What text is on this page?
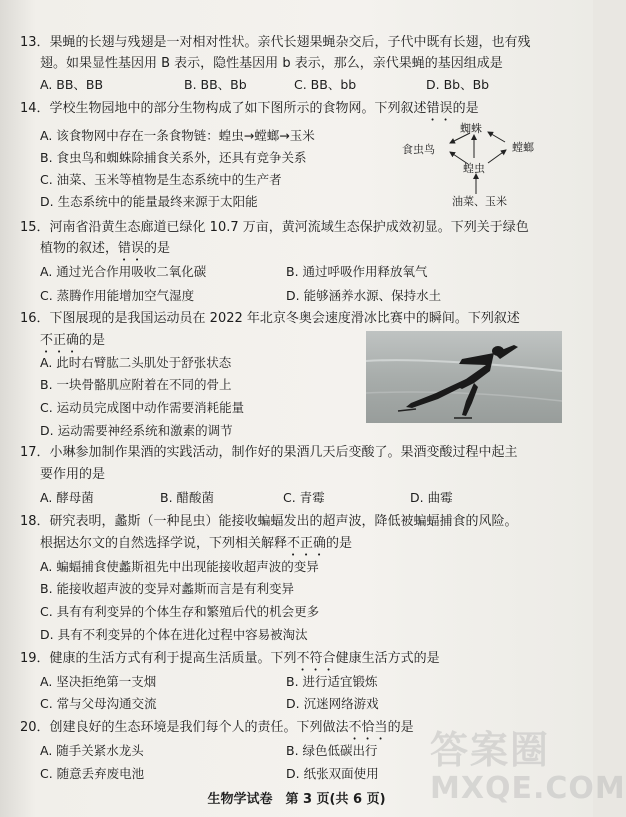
13．果蝇的长翅与残翅是一对相对性状。亲代长翅果蝇杂交后，子代中既有长翅，也有残
翅。如果显性基因用 B 表示，隐性基因用 b 表示，那么，亲代果蝇的基因组成是
A. BB、BB	B. BB、Bb	C. BB、bb	D. Bb、Bb
14．学校生物园地中的部分生物构成了如下图所示的食物网。下列叙述错误的是
A. 该食物网中存在一条食物链：蝗虫→螳螂→玉米
B. 食虫鸟和蜘蛛除捕食关系外，还具有竞争关系
C. 油菜、玉米等植物是生态系统中的生产者
D. 生态系统中的能量最终来源于太阳能
蜘蛛
食虫鸟	螳螂
蝗虫
油菜、玉米
15．河南省沿黄生态廊道已绿化 10.7 万亩，黄河流域生态保护成效初显。下列关于绿色
植物的叙述，错误的是
A. 通过光合作用吸收二氧化碳	B. 通过呼吸作用释放氧气
C. 蒸腾作用能增加空气湿度	D. 能够涵养水源、保持水土
16．下图展现的是我国运动员在 2022 年北京冬奥会速度滑冰比赛中的瞬间。下列叙述
不正确的是
A. 此时右臂肱二头肌处于舒张状态
B. 一块骨骼肌应附着在不同的骨上
C. 运动员完成图中动作需要消耗能量
D. 运动需要神经系统和激素的调节
17．小琳参加制作果酒的实践活动，制作好的果酒几天后变酸了。果酒变酸过程中起主
要作用的是
A. 酵母菌	B. 醋酸菌	C. 青霉	D. 曲霉
18．研究表明，蠡斯（一种昆虫）能接收蝙蝠发出的超声波，降低被蝙蝠捕食的风险。
根据达尔文的自然选择学说，下列相关解释不正确的是
A. 蝙蝠捕食使蠡斯祖先中出现能接收超声波的变异
B. 能接收超声波的变异对蠡斯而言是有利变异
C. 具有有利变异的个体生存和繁殖后代的机会更多
D. 具有不利变异的个体在进化过程中容易被淘汰
19．健康的生活方式有利于提高生活质量。下列不符合健康生活方式的是
A. 坚决拒绝第一支烟	B. 进行适宜锻炼
C. 常与父母沟通交流	D. 沉迷网络游戏
20．创建良好的生态环境是我们每个人的责任。下列做法不恰当的是
A. 随手关紧水龙头	B. 绿色低碳出行
C. 随意丢弃废电池	D. 纸张双面使用
生物学试卷　第 3 页(共 6 页)
答案圈
MXQE.COM
